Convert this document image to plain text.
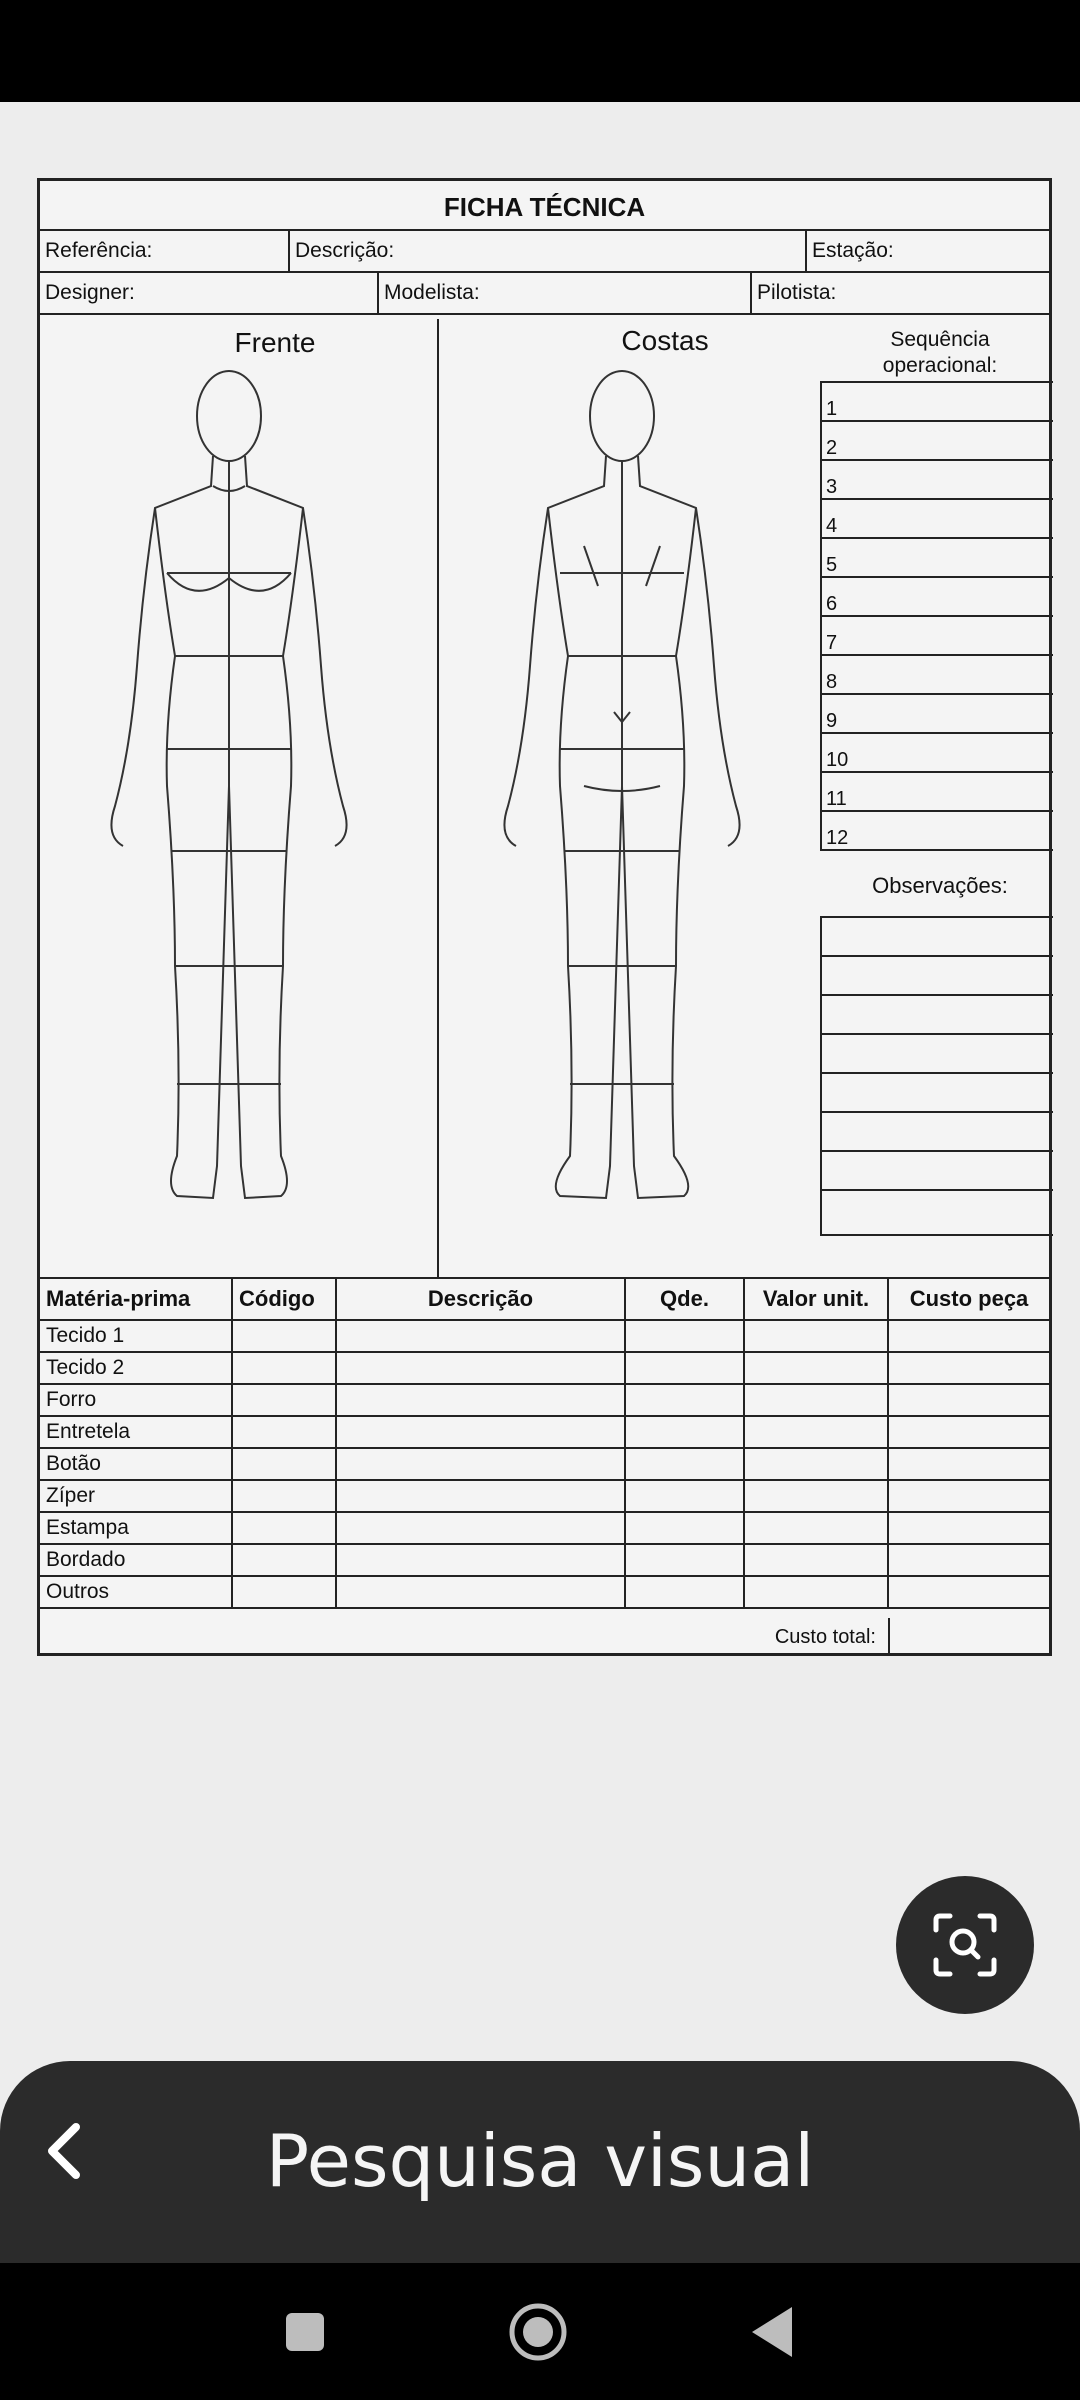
FICHA TÉCNICA
Referência:	Descrição:	Estação:
Designer:	Modelista:	Pilotista:
Frente	Costas	Sequência
operacional:
1
2
3
4
5
6
7
8
9
10
11
12
Observações:
Matéria-prima	Código	Descrição	Qde.	Valor unit.	Custo peça
Tecido 1					
Tecido 2					
Forro					
Entretela					
Botão					
Zíper					
Estampa					
Bordado					
Outros					
Custo total:
Pesquisa visual
